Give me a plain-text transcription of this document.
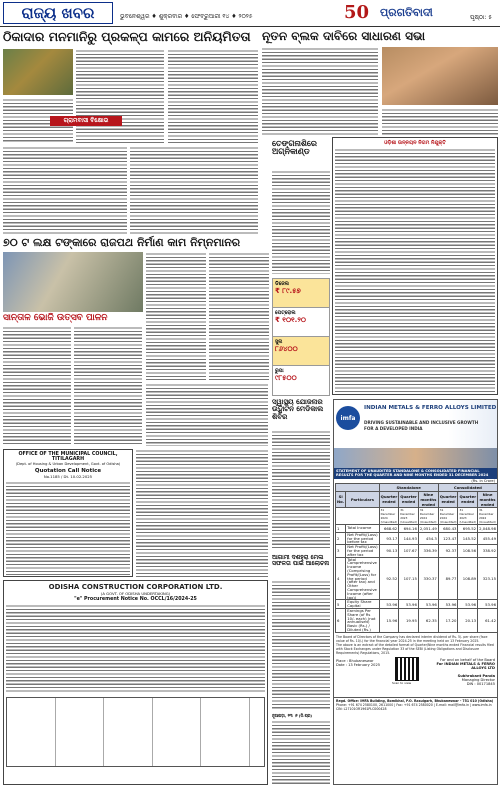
ରାଜ୍ୟ ଖବର	ଭୁବନେଶ୍ୱର ♦ ଶୁକ୍ରବାର ♦ ଫେବ୍ରୁଆରୀ ୧୪ ♦ ୨୦୨୫	50 ପ୍ରଗତିବାଦୀ	ପୃଷ୍ଠା: ୫
ଠିକାଦାର ମନମାନିରୁ ପ୍ରକଳ୍ପ କାମରେ ଅନିୟମିତତା
ଗ୍ରାମବାସୀ ବିକ୍ଷୋଭ
୭୦ ଟ ଲକ୍ଷ ଟଙ୍କାରେ ରାଜପଥ ନିର୍ମାଣ କାମ ନିମ୍ନମାନର
ସାନ୍ତାଳ ଭୋଜି ଉତ୍ସବ ପାଳନ
OFFICE OF THE MUNICIPAL COUNCIL, TITILAGARH
(Dept. of Housing & Urban Development, Govt. of Odisha)
Quotation Call Notice
No.1185 / Dt. 10.02.2025
ODISHA CONSTRUCTION CORPORATION LTD.
(A GOVT. OF ODISHA UNDERTAKING)
"e" Procurement Notice No. OCCL/16/2024-25
ନୂତନ ବ୍ଲକ ଦାବିରେ ସାଧାରଣ ସଭା
ଓଡ଼ିଶା ଉନ୍ନୟନ ନିଗମ ନିଯୁକ୍ତି
ତେଙ୍ଗନାଶିରେ ଅଗ୍ନିକାଣ୍ଡ
ଡିଜେଲ
₹ ୮୯.୫୭
ପେଟ୍ରୋଲ
₹ ୧୦୧.୨୦
ସୁନା
୮୬୪୦୦
ରୁପା
୯୮୫୦୦
ସ୍ୱାସ୍ଥ୍ୟ ଯୋଜନାର ଉଦ୍ଘାଟନ ମେଡିକାଲ ଶିବିର
ଆଗାମୀ ଦଶହରା ମେଳା ସଫଳତା ପାଇଁ ଆଲୋଚନା
ନୂଆପଡ଼ା, ୧୩ ।୨ (ନି.ପ୍ର)
imfa
INDIAN METALS & FERRO ALLOYS LIMITED
DRIVING SUSTAINABLE AND INCLUSIVE GROWTH
FOR A DEVELOPED INDIA
STATEMENT OF UNAUDITED STANDALONE & CONSOLIDATED FINANCIAL RESULTS FOR THE QUARTER AND NINE MONTHS ENDED 31 DECEMBER 2024
(Rs. in Crore)
		Standalone			Consolidated		
Sl No.	Particulars	Quarter ended	Quarter ended	Nine months ended	Quarter ended	Quarter ended	Nine months ended
		31 December 2024 (Unaudited)	31 December 2023 (Unaudited)	31 December 2024 (Unaudited)	31 December 2024 (Unaudited)	31 December 2023 (Unaudited)	31 December 2024 (Unaudited)
1	Total Income	668.62	694.16	2,051.49	680.43	695.52	2,048.98
2	Net Profit/(Loss) for the period before tax	93.17	144.93	454.3	123.47	145.52	455.49
3	Net Profit/(Loss) for the period after tax	90.13	107.67	336.39	92.37	108.56	338.92
4	Total Comprehensive Income (Comprising Profit/(Loss) for the period (after tax) and Other Comprehensive Income (after tax))	92.52	107.15	330.37	89.77	108.89	323.15
5	Equity Share Capital	53.96	53.96	53.96	53.96	53.96	53.96
6	Earnings Per Share (of Rs 10/- each) (not annualised) Basic (Rs.) / Diluted (Rs.)	15.96	19.95	62.35	17.20	20.13	61.42
The Board of Directors of the Company has declared interim dividend of Rs. 5/- per share (face value of Rs. 10/-) for the financial year 2024-25 in the meeting held on 13 February 2025.
The above is an extract of the detailed format of Quarter/Nine months ended Financial results filed with Stock Exchanges under Regulation 33 of the SEBI (Listing Obligations and Disclosure Requirements) Regulations, 2015.
Place : Bhubaneswar
Date : 13 February 2025
Scan to view
For and on behalf of the Board
For INDIAN METALS & FERRO ALLOYS LTD
Subhrakant Panda
Managing Director
DIN : 00171845
Regd. Office: IMFA Building, Bomikhal, P.O. Rasulgarh, Bhubaneswar - 751 010 (Odisha)
Phone: +91 674 2580100, 2611000 | Fax: +91 674 2580020 | E-mail: mail@imfa.in | www.imfa.in
CIN: L27101OR1961PLC000428
